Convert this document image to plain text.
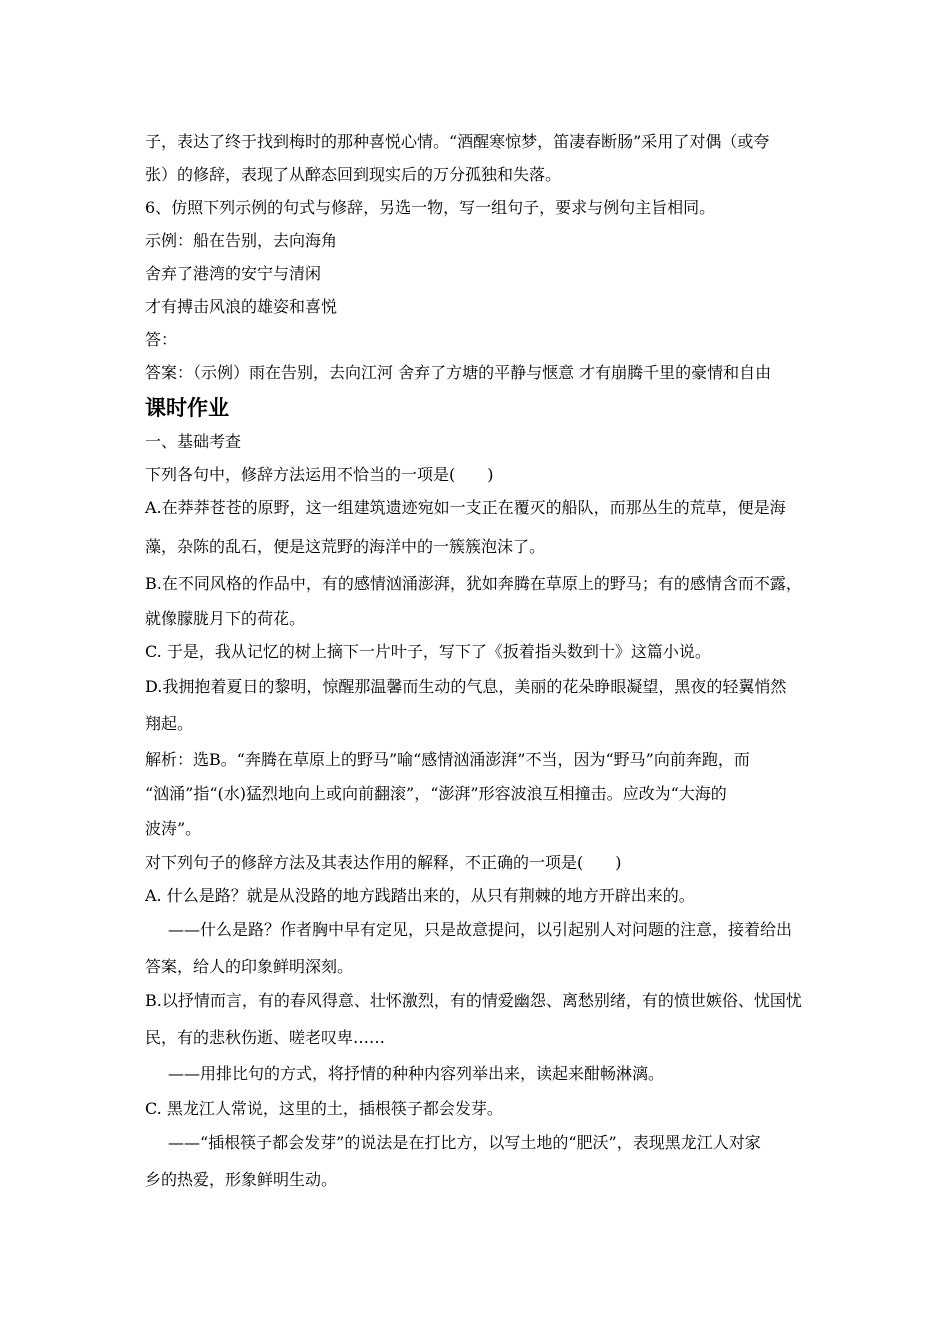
子，表达了终于找到梅时的那种喜悦心情。“酒醒寒惊梦，笛凄春断肠”采用了对偶（或夸
张）的修辞，表现了从醉态回到现实后的万分孤独和失落。
6、仿照下列示例的句式与修辞，另选一物，写一组句子，要求与例句主旨相同。
示例：船在告别，去向海角
舍弃了港湾的安宁与清闲
才有搏击风浪的雄姿和喜悦
答：
答案：（示例）雨在告别，去向江河 舍弃了方塘的平静与惬意 才有崩腾千里的豪情和自由
课时作业
一、基础考查
下列各句中，修辞方法运用不恰当的一项是(　　)
A.在莽莽苍苍的原野，这一组建筑遗迹宛如一支正在覆灭的船队，而那丛生的荒草，便是海
藻，杂陈的乱石，便是这荒野的海洋中的一簇簇泡沫了。
B.在不同风格的作品中，有的感情汹涌澎湃，犹如奔腾在草原上的野马；有的感情含而不露，
就像朦胧月下的荷花。
C. 于是，我从记忆的树上摘下一片叶子，写下了《扳着指头数到十》这篇小说。
D.我拥抱着夏日的黎明，惊醒那温馨而生动的气息，美丽的花朵睁眼凝望，黑夜的轻翼悄然
翔起。
解析：选B。“奔腾在草原上的野马”喻“感情汹涌澎湃”不当，因为“野马”向前奔跑，而
“汹涌”指“(水)猛烈地向上或向前翻滚”，“澎湃”形容波浪互相撞击。应改为“大海的
波涛”。
对下列句子的修辞方法及其表达作用的解释，不正确的一项是(　　)
A. 什么是路？就是从没路的地方践踏出来的，从只有荆棘的地方开辟出来的。
——什么是路？作者胸中早有定见，只是故意提问，以引起别人对问题的注意，接着给出
答案，给人的印象鲜明深刻。
B.以抒情而言，有的春风得意、壮怀激烈，有的情爱幽怨、离愁别绪，有的愤世嫉俗、忧国忧
民，有的悲秋伤逝、嗟老叹卑……
——用排比句的方式，将抒情的种种内容列举出来，读起来酣畅淋漓。
C. 黑龙江人常说，这里的土，插根筷子都会发芽。
——“插根筷子都会发芽”的说法是在打比方，以写土地的“肥沃”，表现黑龙江人对家
乡的热爱，形象鲜明生动。
